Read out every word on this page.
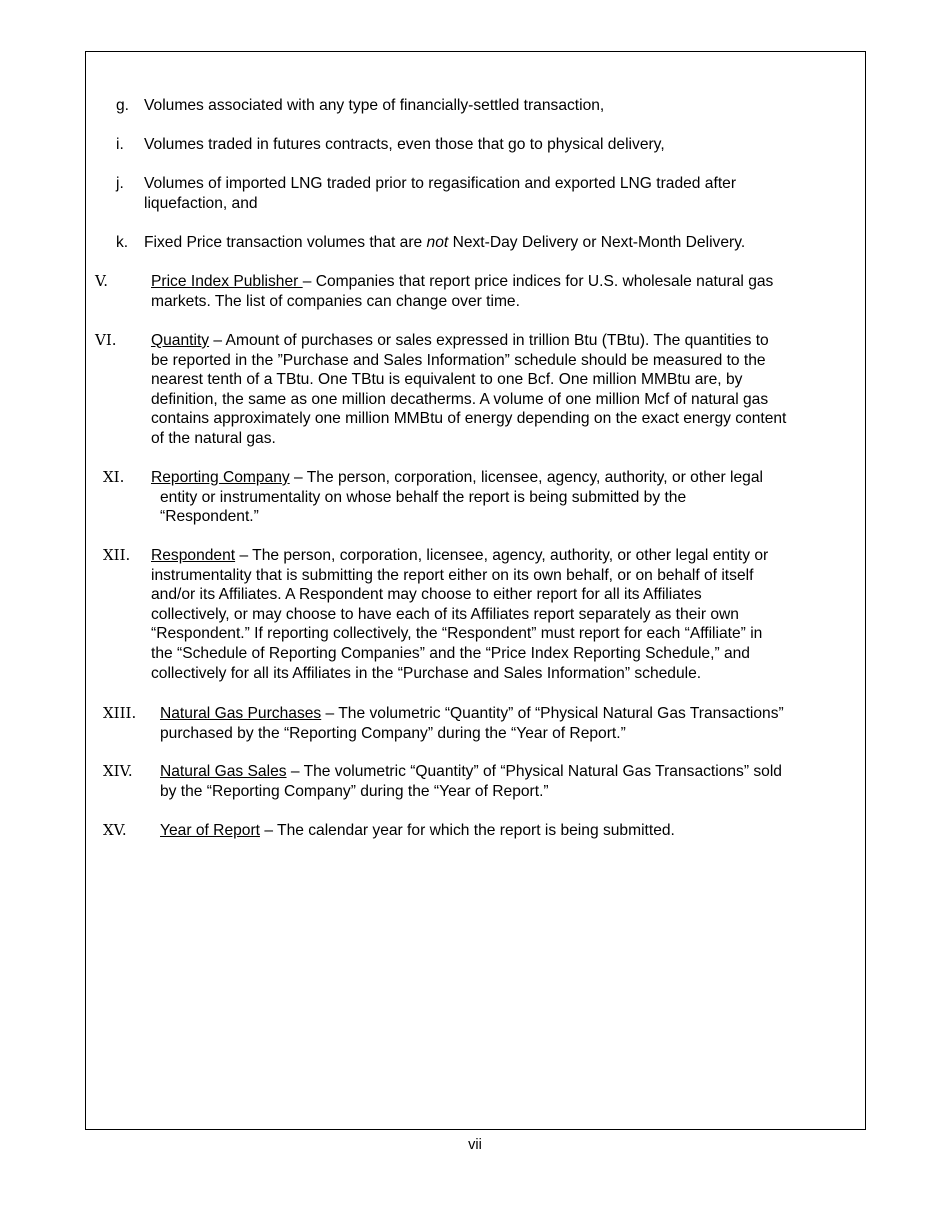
g. Volumes associated with any type of financially-settled transaction,
i. Volumes traded in futures contracts, even those that go to physical delivery,
j. Volumes of imported LNG traded prior to regasification and exported LNG traded after
liquefaction, and
k. Fixed Price transaction volumes that are not Next-Day Delivery or Next-Month Delivery.
V.	Price Index Publisher – Companies that report price indices for U.S. wholesale natural gas
markets. The list of companies can change over time.
VI. Quantity – Amount of purchases or sales expressed in trillion Btu (TBtu). The quantities to
be reported in the ”Purchase and Sales Information” schedule should be measured to the
nearest tenth of a TBtu. One TBtu is equivalent to one Bcf. One million MMBtu are, by
definition, the same as one million decatherms. A volume of one million Mcf of natural gas
contains approximately one million MMBtu of energy depending on the exact energy content
of the natural gas.
XI. Reporting Company – The person, corporation, licensee, agency, authority, or other legal
entity or instrumentality on whose behalf the report is being submitted by the
“Respondent.”
XII. Respondent – The person, corporation, licensee, agency, authority, or other legal entity or
instrumentality that is submitting the report either on its own behalf, or on behalf of itself
and/or its Affiliates. A Respondent may choose to either report for all its Affiliates
collectively, or may choose to have each of its Affiliates report separately as their own
“Respondent.” If reporting collectively, the “Respondent” must report for each “Affiliate” in
the “Schedule of Reporting Companies” and the “Price Index Reporting Schedule,” and
collectively for all its Affiliates in the “Purchase and Sales Information” schedule.
XIII. Natural Gas Purchases – The volumetric “Quantity” of “Physical Natural Gas Transactions”
purchased by the “Reporting Company” during the “Year of Report.”
XIV. Natural Gas Sales – The volumetric “Quantity” of “Physical Natural Gas Transactions” sold
by the “Reporting Company” during the “Year of Report.”
XV. Year of Report – The calendar year for which the report is being submitted.
vii
